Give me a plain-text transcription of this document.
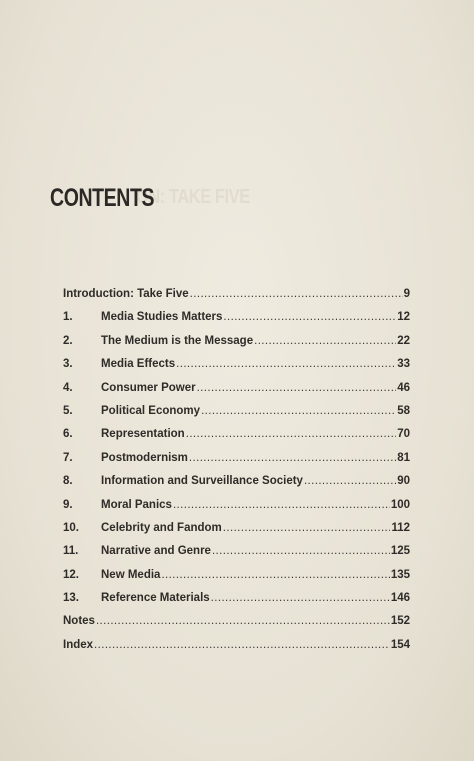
ON: TAKE FIVE
CONTENTS
Introduction: Take Five .....	9
1.	Media Studies Matters .....	12
2.	The Medium is the Message .....	22
3.	Media Effects .....	33
4.	Consumer Power .....	46
5.	Political Economy .....	58
6.	Representation .....	70
7.	Postmodernism .....	81
8.	Information and Surveillance Society .....	90
9.	Moral Panics .....	100
10.	Celebrity and Fandom .....	112
11.	Narrative and Genre .....	125
12.	New Media .....	135
13.	Reference Materials .....	146
Notes .....	152
Index .....	154
